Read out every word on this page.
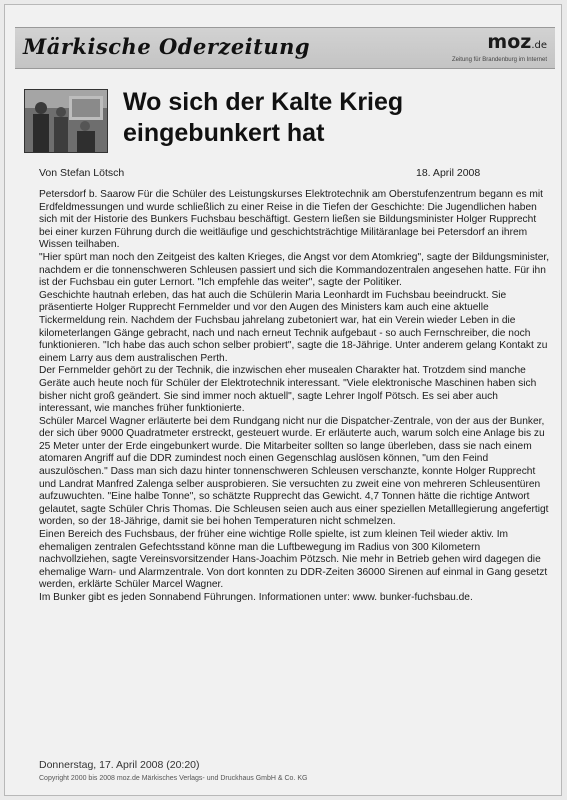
Märkische Oderzeitung	moz.de
Zeitung für Brandenburg im Internet
Wo sich der Kalte Krieg eingebunkert hat
Von Stefan Lötsch	18. April 2008

Petersdorf b. Saarow Für die Schüler des Leistungskurses Elektrotechnik am Oberstufenzentrum begann es mit Erdfeldmessungen und wurde schließlich zu einer Reise in die Tiefen der Geschichte: Die Jugendlichen haben sich mit der Historie des Bunkers Fuchsbau beschäftigt. Gestern ließen sie Bildungsminister Holger Rupprecht bei einer kurzen Führung durch die weitläufige und geschichtsträchtige Militäranlage bei Petersdorf an ihrem Wissen teilhaben.

"Hier spürt man noch den Zeitgeist des kalten Krieges, die Angst vor dem Atomkrieg", sagte der Bildungsminister, nachdem er die tonnenschweren Schleusen passiert und sich die Kommandozentralen angesehen hatte. Für ihn ist der Fuchsbau ein guter Lernort. "Ich empfehle das weiter", sagte der Politiker.

Geschichte hautnah erleben, das hat auch die Schülerin Maria Leonhardt im Fuchsbau beeindruckt. Sie präsentierte Holger Rupprecht Fernmelder und vor den Augen des Ministers kam auch eine aktuelle Tickermeldung rein. Nachdem der Fuchsbau jahrelang zubetoniert war, hat ein Verein wieder Leben in die kilometerlangen Gänge gebracht, nach und nach erneut Technik aufgebaut - so auch Fernschreiber, die noch funktionieren. "Ich habe das auch schon selber probiert", sagte die 18-Jährige. Unter anderem gelang Kontakt zu einem Larry aus dem australischen Perth.

Der Fernmelder gehört zu der Technik, die inzwischen eher musealen Charakter hat. Trotzdem sind manche Geräte auch heute noch für Schüler der Elektrotechnik interessant. "Viele elektronische Maschinen haben sich bisher nicht groß geändert. Sie sind immer noch aktuell", sagte Lehrer Ingolf Pötsch. Es sei aber auch interessant, wie manches früher funktionierte.

Schüler Marcel Wagner erläuterte bei dem Rundgang nicht nur die Dispatcher-Zentrale, von der aus der Bunker, der sich über 9000 Quadratmeter erstreckt, gesteuert wurde. Er erläuterte auch, warum solch eine Anlage bis zu 25 Meter unter der Erde eingebunkert wurde. Die Mitarbeiter sollten so lange überleben, dass sie nach einem atomaren Angriff auf die DDR zumindest noch einen Gegenschlag auslösen können, "um den Feind auszulöschen." Dass man sich dazu hinter tonnenschweren Schleusen verschanzte, konnte Holger Rupprecht und Landrat Manfred Zalenga selber ausprobieren. Sie versuchten zu zweit eine von mehreren Schleusentüren aufzuwuchten. "Eine halbe Tonne", so schätzte Rupprecht das Gewicht. 4,7 Tonnen hätte die richtige Antwort gelautet, sagte Schüler Chris Thomas. Die Schleusen seien auch aus einer speziellen Metalllegierung angefertigt worden, so der 18-Jährige, damit sie bei hohen Temperaturen nicht schmelzen.

Einen Bereich des Fuchsbaus, der früher eine wichtige Rolle spielte, ist zum kleinen Teil wieder aktiv. Im ehemaligen zentralen Gefechtsstand könne man die Luftbewegung im Radius von 300 Kilometern nachvollziehen, sagte Vereinsvorsitzender Hans-Joachim Pötzsch. Nie mehr in Betrieb gehen wird dagegen die ehemalige Warn- und Alarmzentrale. Von dort konnten zu DDR-Zeiten 36000 Sirenen auf einmal in Gang gesetzt werden, erklärte Schüler Marcel Wagner.

Im Bunker gibt es jeden Sonnabend Führungen. Informationen unter: www. bunker-fuchsbau.de.

Donnerstag, 17. April 2008 (20:20)
Copyright 2000 bis 2008 moz.de Märkisches Verlags- und Druckhaus GmbH & Co. KG
